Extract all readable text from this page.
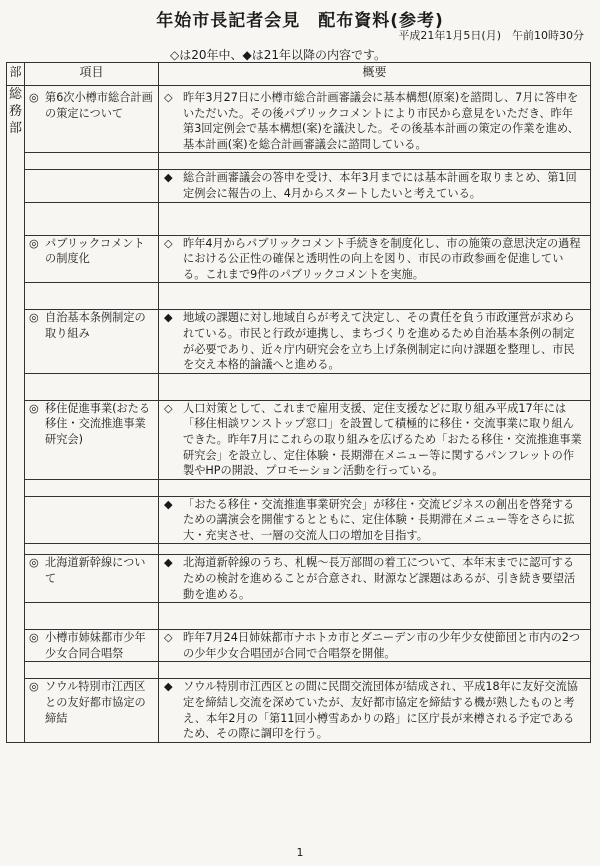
年始市長記者会見　配布資料(参考)
平成21年1月5日(月)　午前10時30分
◇は20年中、◆は21年以降の内容です。
部	項目	概要

総務部	◎ 第6次小樽市総合計画の策定について	◇ 昨年3月27日に小樽市総合計画審議会に基本構想(原案)を諮問し、7月に答申をいただいた。その後パブリックコメントにより市民から意見をいただき、昨年第3回定例会で基本構想(案)を議決した。その後基本計画の策定の作業を進め、基本計画(案)を総合計画審議会に諮問している。

		◆ 総合計画審議会の答申を受け、本年3月までには基本計画を取りまとめ、第1回定例会に報告の上、4月からスタートしたいと考えている。

	◎ パブリックコメントの制度化	◇ 昨年4月からパブリックコメント手続きを制度化し、市の施策の意思決定の過程における公正性の確保と透明性の向上を図り、市民の市政参画を促進している。これまで9件のパブリックコメントを実施。

	◎ 自治基本条例制定の取り組み	◆ 地域の課題に対し地域自らが考えて決定し、その責任を負う市政運営が求められている。市民と行政が連携し、まちづくりを進めるため自治基本条例の制定が必要であり、近々庁内研究会を立ち上げ条例制定に向け課題を整理し、市民を交え本格的論議へと進める。

	◎ 移住促進事業(おたる移住・交流推進事業研究会)	◇ 人口対策として、これまで雇用支援、定住支援などに取り組み平成17年には「移住相談ワンストップ窓口」を設置して積極的に移住・交流事業に取り組んできた。昨年7月にこれらの取り組みを広げるため「おたる移住・交流推進事業研究会」を設立し、定住体験・長期滞在メニュー等に関するパンフレットの作製やHPの開設、プロモーション活動を行っている。

		◆ 「おたる移住・交流推進事業研究会」が移住・交流ビジネスの創出を啓発するための講演会を開催するとともに、定住体験・長期滞在メニュー等をさらに拡大・充実させ、一層の交流人口の増加を目指す。

	◎ 北海道新幹線について	◆ 北海道新幹線のうち、札幌～長万部間の着工について、本年末までに認可するための検討を進めることが合意され、財源など課題はあるが、引き続き要望活動を進める。

	◎ 小樽市姉妹都市少年少女合同合唱祭	◇ 昨年7月24日姉妹都市ナホトカ市とダニーデン市の少年少女使節団と市内の2つの少年少女合唱団が合同で合唱祭を開催。

	◎ ソウル特別市江西区との友好都市協定の締結	◆ ソウル特別市江西区との間に民間交流団体が結成され、平成18年に友好交流協定を締結し交流を深めていたが、友好都市協定を締結する機が熟したものと考え、本年2月の「第11回小樽雪あかりの路」に区庁長が来樽される予定であるため、その際に調印を行う。
1
